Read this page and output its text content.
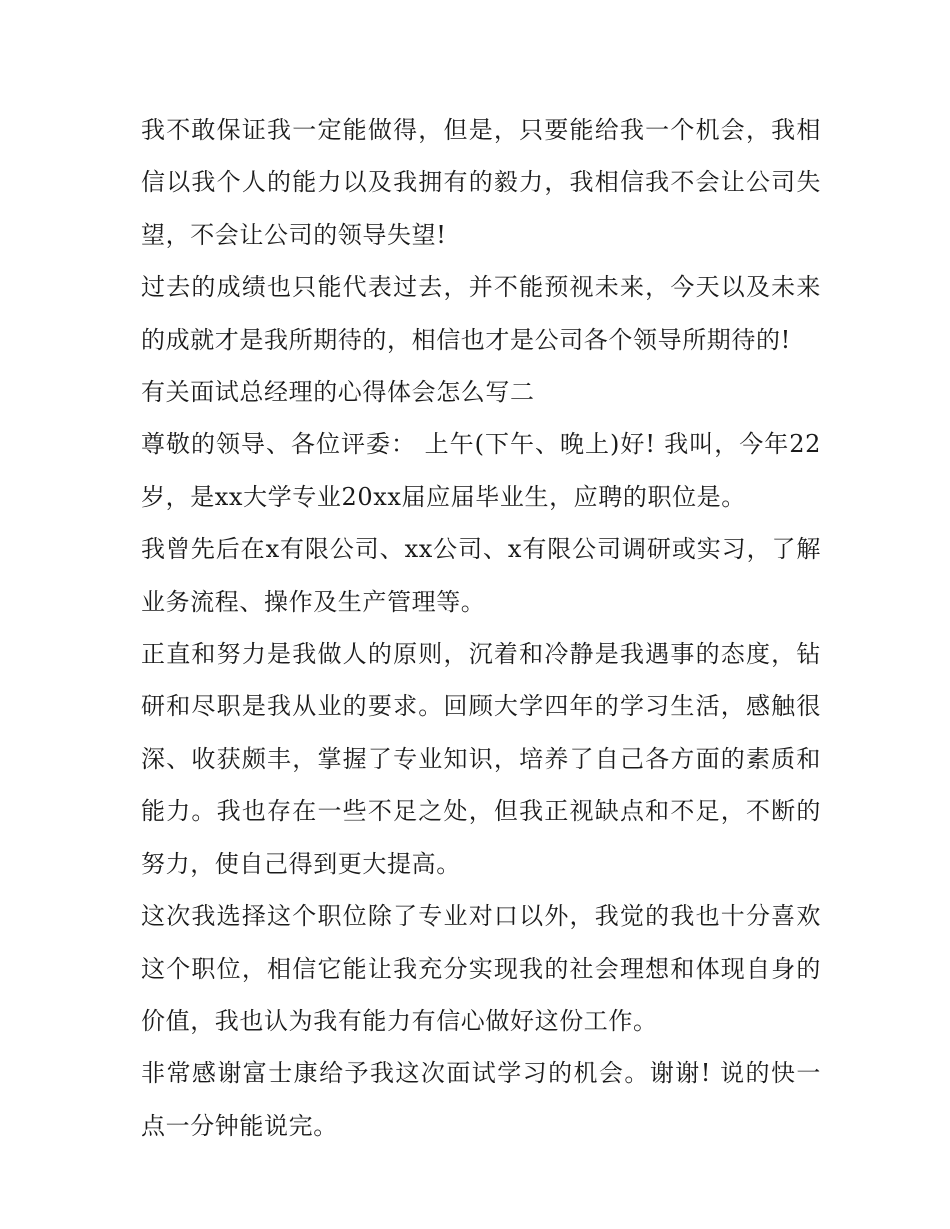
我不敢保证我一定能做得，但是，只要能给我一个机会，我相信以我个人的能力以及我拥有的毅力，我相信我不会让公司失望，不会让公司的领导失望!

过去的成绩也只能代表过去，并不能预视未来，今天以及未来的成就才是我所期待的，相信也才是公司各个领导所期待的!

有关面试总经理的心得体会怎么写二

尊敬的领导、各位评委： 上午(下午、晚上)好! 我叫，今年22岁，是xx大学专业20xx届应届毕业生，应聘的职位是。

我曾先后在x有限公司、xx公司、x有限公司调研或实习，了解业务流程、操作及生产管理等。

正直和努力是我做人的原则，沉着和冷静是我遇事的态度，钻研和尽职是我从业的要求。回顾大学四年的学习生活，感触很深、收获颇丰，掌握了专业知识，培养了自己各方面的素质和能力。我也存在一些不足之处，但我正视缺点和不足，不断的努力，使自己得到更大提高。

这次我选择这个职位除了专业对口以外，我觉的我也十分喜欢这个职位，相信它能让我充分实现我的社会理想和体现自身的价值，我也认为我有能力有信心做好这份工作。

非常感谢富士康给予我这次面试学习的机会。谢谢! 说的快一点一分钟能说完。
